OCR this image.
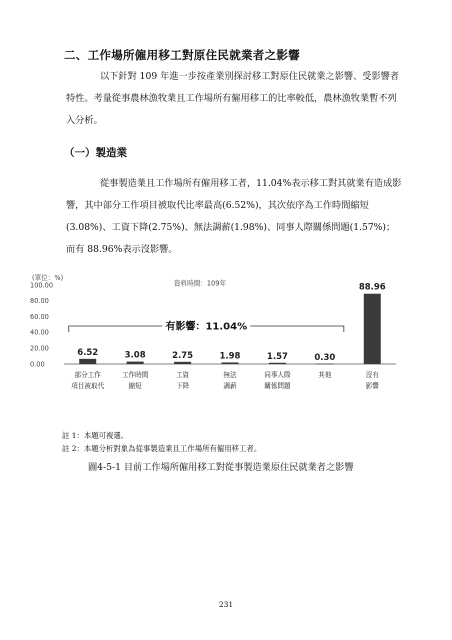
二、工作場所僱用移工對原住民就業者之影響
以下針對 109 年進一步按產業別探討移工對原住民就業之影響、受影響者特性。考量從事農林漁牧業且工作場所有僱用移工的比率較低，農林漁牧業暫不列入分析。
（一）製造業
從事製造業且工作場所有僱用移工者，11.04%表示移工對其就業有造成影響，其中部分工作項目被取代比率最高(6.52%)，其次依序為工作時間縮短 (3.08%)、工資下降(2.75%)、無法調薪(1.98%)、同事人際關係問題(1.57%)；而有 88.96%表示沒影響。
100.00
80.00
60.00
40.00
20.00
0.00
(單位：%)
資料時間：109年
6.52	3.08	2.75	1.98	1.57	0.30
88.96
有影響：11.04%
部分工作
項目被取代
工作時間
縮短
工資
下降
無法
調薪
同事人際
關係問題
其他	沒有
影響
註 1：本題可複選。
註 2：本題分析對象為從事製造業且工作場所有僱用移工者。
圖4-5-1 目前工作場所僱用移工對從事製造業原住民就業者之影響
231
